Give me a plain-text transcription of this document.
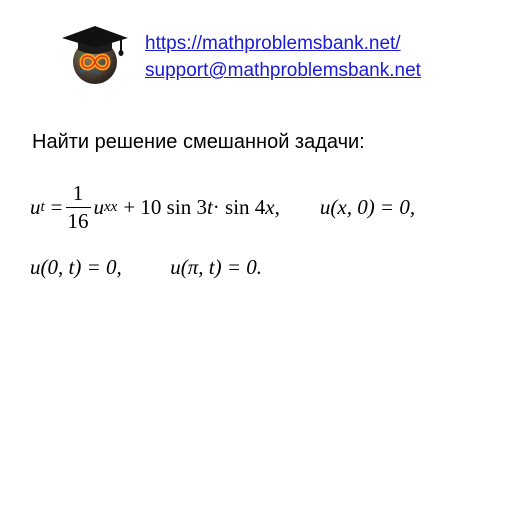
https://mathproblemsbank.net/
support@mathproblemsbank.net
Найти решение смешанной задачи:
u $t = \frac{1}{16}$ u xx + 10 sin 3 t · sin 4 x , u(x, 0) = 0,
u(0, t) = 0, u(π, t) = 0.
